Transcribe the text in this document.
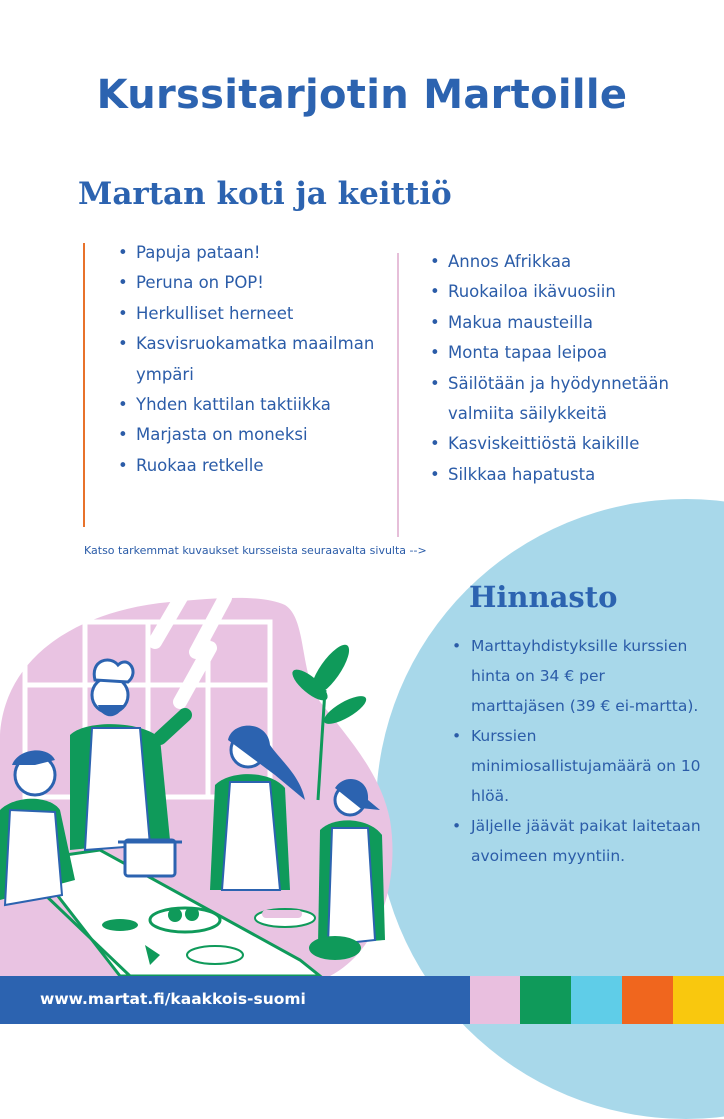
Kurssitarjotin Martoille
Martan koti ja keittiö
• Papuja pataan!
• Peruna on POP!
• Herkulliset herneet
• Kasvisruokamatka maailman ympäri
• Yhden kattilan taktiikka
• Marjasta on moneksi
• Ruokaa retkelle
• Annos Afrikkaa
• Ruokailoa ikävuosiin
• Makua mausteilla
• Monta tapaa leipoa
• Säilötään ja hyödynnetään valmiita säilykkeitä
• Kasviskeittiöstä kaikille
• Silkkaa hapatusta
Katso tarkemmat kuvaukset kursseista seuraavalta sivulta -->
Hinnasto
• Marttayhdistyksille kurssien hinta on 34 € per marttajäsen (39 € ei-martta).
• Kurssien minimiosallistujamäärä on 10 hlöä.
• Jäljelle jäävät paikat laitetaan avoimeen myyntiin.
www.martat.fi/kaakkois-suomi
